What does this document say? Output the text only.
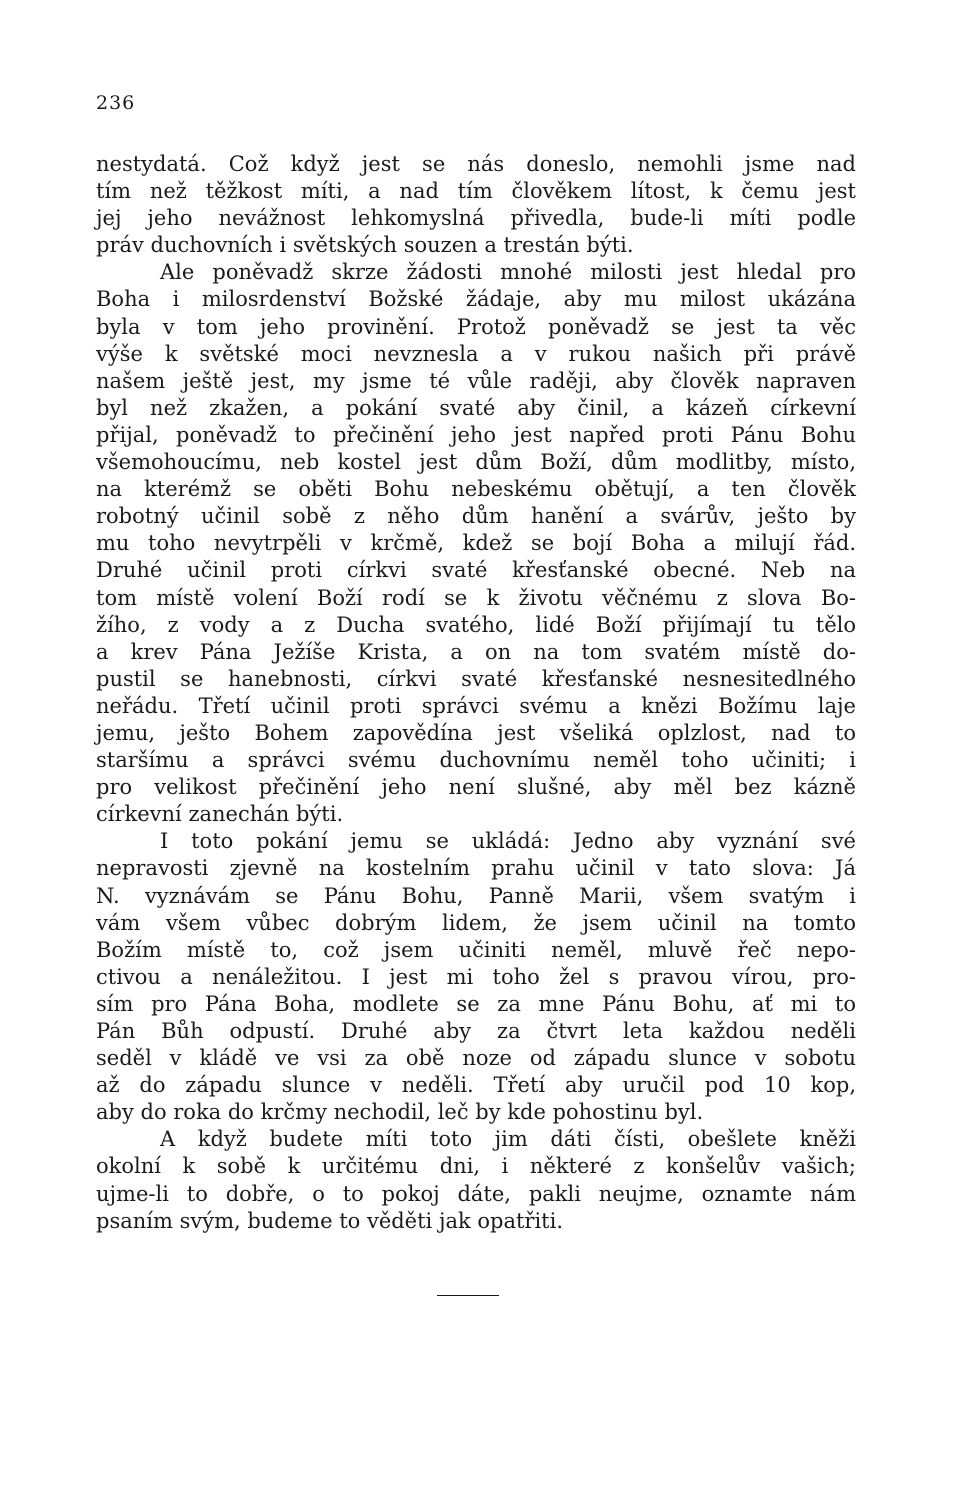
236
nestydatá. Což když jest se nás doneslo, nemohli jsme nad
tím než těžkost míti, a nad tím člověkem lítost, k čemu jest
jej jeho nevážnost lehkomyslná přivedla, bude-li míti podle
práv duchovních i světských souzen a trestán býti.
Ale poněvadž skrze žádosti mnohé milosti jest hledal pro
Boha i milosrdenství Božské žádaje, aby mu milost ukázána
byla v tom jeho provinění. Protož poněvadž se jest ta věc
výše k světské moci nevznesla a v rukou našich při právě
našem ještě jest, my jsme té vůle raději, aby člověk napraven
byl než zkažen, a pokání svaté aby činil, a kázeň církevní
přijal, poněvadž to přečinění jeho jest napřed proti Pánu Bohu
všemohoucímu, neb kostel jest dům Boží, dům modlitby, místo,
na kterémž se oběti Bohu nebeskému obětují, a ten člověk
robotný učinil sobě z něho dům hanění a svárův, ješto by
mu toho nevytrpěli v krčmě, kdež se bojí Boha a milují řád.
Druhé učinil proti církvi svaté křesťanské obecné. Neb na
tom místě volení Boží rodí se k životu věčnému z slova Bo-
žího, z vody a z Ducha svatého, lidé Boží přijímají tu tělo
a krev Pána Ježíše Krista, a on na tom svatém místě do-
pustil se hanebnosti, církvi svaté křesťanské nesnesitedlného
neřádu. Třetí učinil proti správci svému a knězi Božímu laje
jemu, ješto Bohem zapovědína jest všeliká oplzlost, nad to
staršímu a správci svému duchovnímu neměl toho učiniti; i
pro velikost přečinění jeho není slušné, aby měl bez kázně
církevní zanechán býti.
I toto pokání jemu se ukládá: Jedno aby vyznání své
nepravosti zjevně na kostelním prahu učinil v tato slova: Já
N. vyznávám se Pánu Bohu, Panně Marii, všem svatým i
vám všem vůbec dobrým lidem, že jsem učinil na tomto
Božím místě to, což jsem učiniti neměl, mluvě řeč nepo-
ctivou a nenáležitou. I jest mi toho žel s pravou vírou, pro-
sím pro Pána Boha, modlete se za mne Pánu Bohu, ať mi to
Pán Bůh odpustí. Druhé aby za čtvrt leta každou neděli
seděl v kládě ve vsi za obě noze od západu slunce v sobotu
až do západu slunce v neděli. Třetí aby uručil pod 10 kop,
aby do roka do krčmy nechodil, leč by kde pohostinu byl.
A když budete míti toto jim dáti čísti, obešlete kněži
okolní k sobě k určitému dni, i některé z konšelův vašich;
ujme-li to dobře, o to pokoj dáte, pakli neujme, oznamte nám
psaním svým, budeme to věděti jak opatřiti.
